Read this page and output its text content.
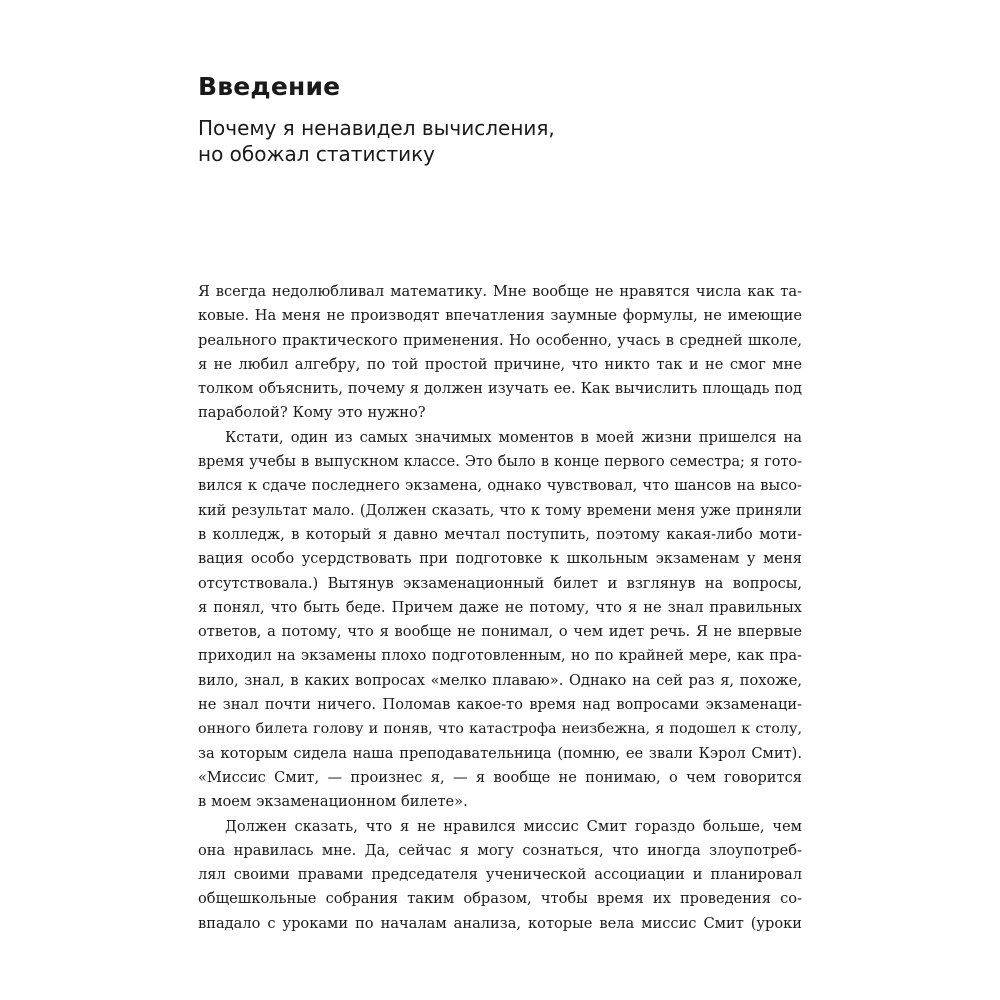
Введение
Почему я ненавидел вычисления,
но обожал статистику
Я всегда недолюбливал математику. Мне вообще не нравятся числа как та-
ковые. На меня не производят впечатления заумные формулы, не имеющие
реального практического применения. Но особенно, учась в средней школе,
я не любил алгебру, по той простой причине, что никто так и не смог мне
толком объяснить, почему я должен изучать ее. Как вычислить площадь под
параболой? Кому это нужно?
Кстати, один из самых значимых моментов в моей жизни пришелся на
время учебы в выпускном классе. Это было в конце первого семестра; я гото-
вился к сдаче последнего экзамена, однако чувствовал, что шансов на высо-
кий результат мало. (Должен сказать, что к тому времени меня уже приняли
в колледж, в который я давно мечтал поступить, поэтому какая-либо моти-
вация особо усердствовать при подготовке к школьным экзаменам у меня
отсутствовала.) Вытянув экзаменационный билет и взглянув на вопросы,
я понял, что быть беде. Причем даже не потому, что я не знал правильных
ответов, а потому, что я вообще не понимал, о чем идет речь. Я не впервые
приходил на экзамены плохо подготовленным, но по крайней мере, как пра-
вило, знал, в каких вопросах «мелко плаваю». Однако на сей раз я, похоже,
не знал почти ничего. Поломав какое-то время над вопросами экзаменаци-
онного билета голову и поняв, что катастрофа неизбежна, я подошел к столу,
за которым сидела наша преподавательница (помню, ее звали Кэрол Смит).
«Миссис Смит, — произнес я, — я вообще не понимаю, о чем говорится
в моем экзаменационном билете».
Должен сказать, что я не нравился миссис Смит гораздо больше, чем
она нравилась мне. Да, сейчас я могу сознаться, что иногда злоупотреб-
лял своими правами председателя ученической ассоциации и планировал
общешкольные собрания таким образом, чтобы время их проведения со-
впадало с уроками по началам анализа, которые вела миссис Смит (уроки
